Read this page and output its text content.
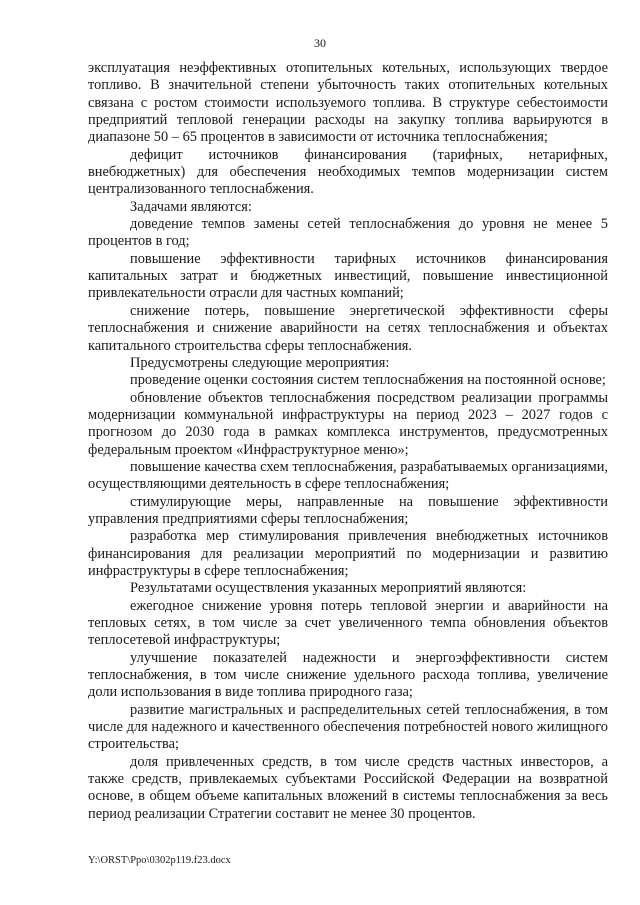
30

эксплуатация неэффективных отопительных котельных, использующих твердое топливо. В значительной степени убыточность таких отопительных котельных связана с ростом стоимости используемого топлива. В структуре себестоимости предприятий тепловой генерации расходы на закупку топлива варьируются в диапазоне 50 – 65 процентов в зависимости от источника теплоснабжения;

дефицит источников финансирования (тарифных, нетарифных, внебюджетных) для обеспечения необходимых темпов модернизации систем централизованного теплоснабжения.

Задачами являются:

доведение темпов замены сетей теплоснабжения до уровня не менее 5 процентов в год;

повышение эффективности тарифных источников финансирования капитальных затрат и бюджетных инвестиций, повышение инвестиционной привлекательности отрасли для частных компаний;

снижение потерь, повышение энергетической эффективности сферы теплоснабжения и снижение аварийности на сетях теплоснабжения и объектах капитального строительства сферы теплоснабжения.

Предусмотрены следующие мероприятия:

проведение оценки состояния систем теплоснабжения на постоянной основе;

обновление объектов теплоснабжения посредством реализации программы модернизации коммунальной инфраструктуры на период 2023 – 2027 годов с прогнозом до 2030 года в рамках комплекса инструментов, предусмотренных федеральным проектом «Инфраструктурное меню»;

повышение качества схем теплоснабжения, разрабатываемых организациями, осуществляющими деятельность в сфере теплоснабжения;

стимулирующие меры, направленные на повышение эффективности управления предприятиями сферы теплоснабжения;

разработка мер стимулирования привлечения внебюджетных источников финансирования для реализации мероприятий по модернизации и развитию инфраструктуры в сфере теплоснабжения;

Результатами осуществления указанных мероприятий являются:

ежегодное снижение уровня потерь тепловой энергии и аварийности на тепловых сетях, в том числе за счет увеличенного темпа обновления объектов теплосетевой инфраструктуры;

улучшение показателей надежности и энергоэффективности систем теплоснабжения, в том числе снижение удельного расхода топлива, увеличение доли использования в виде топлива природного газа;

развитие магистральных и распределительных сетей теплоснабжения, в том числе для надежного и качественного обеспечения потребностей нового жилищного строительства;

доля привлеченных средств, в том числе средств частных инвесторов, а также средств, привлекаемых субъектами Российской Федерации на возвратной основе, в общем объеме капитальных вложений в системы теплоснабжения за весь период реализации Стратегии составит не менее 30 процентов.

Y:\ORST\Ppo\0302p119.f23.docx
